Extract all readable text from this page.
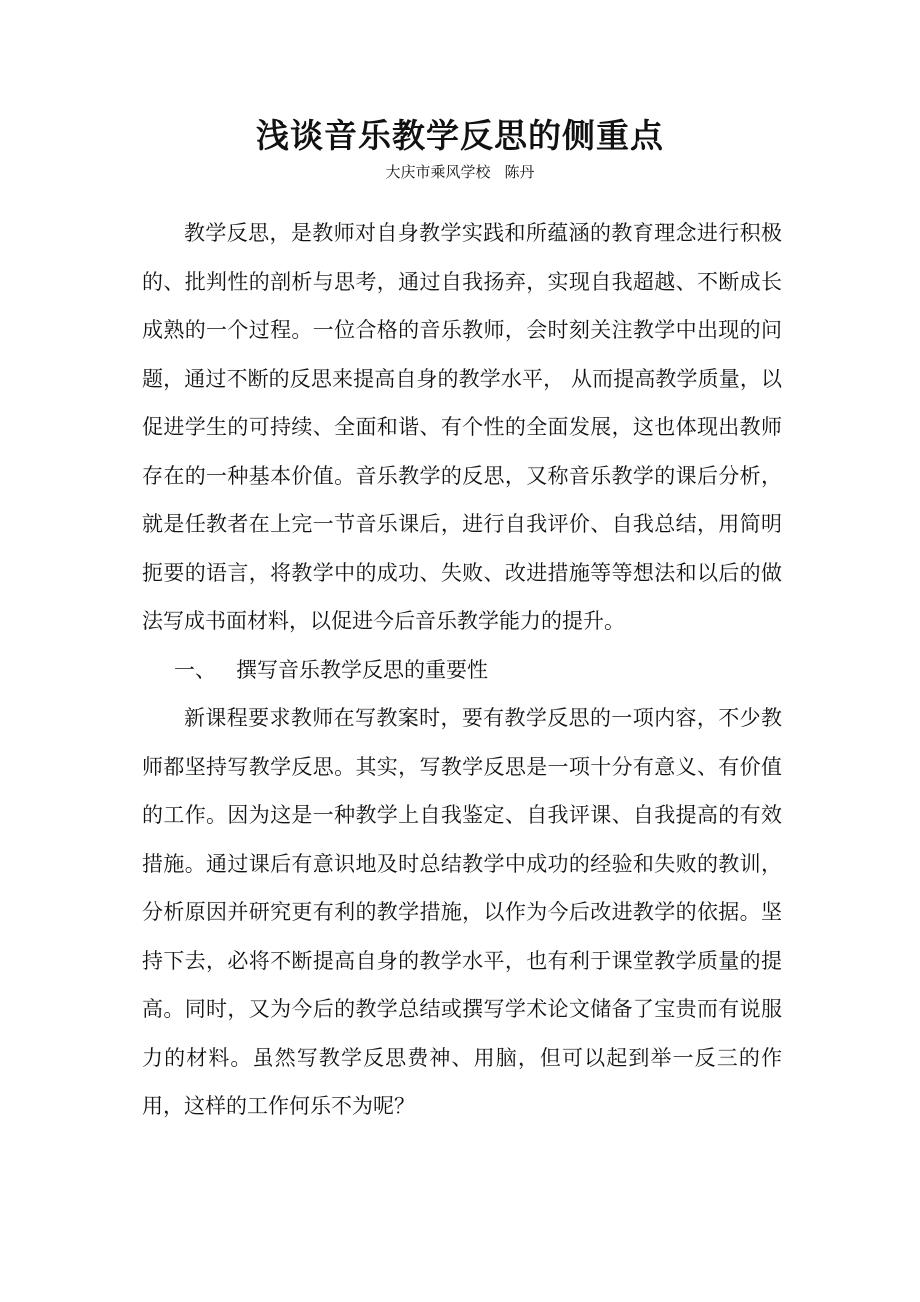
浅谈音乐教学反思的侧重点
大庆市乘风学校 陈丹

教学反思，是教师对自身教学实践和所蕴涵的教育理念进行积极的、批判性的剖析与思考，通过自我扬弃，实现自我超越、不断成长成熟的一个过程。一位合格的音乐教师，会时刻关注教学中出现的问题，通过不断的反思来提高自身的教学水平， 从而提高教学质量，以促进学生的可持续、全面和谐、有个性的全面发展，这也体现出教师存在的一种基本价值。音乐教学的反思，又称音乐教学的课后分析，就是任教者在上完一节音乐课后，进行自我评价、自我总结，用简明扼要的语言，将教学中的成功、失败、改进措施等等想法和以后的做法写成书面材料，以促进今后音乐教学能力的提升。

一、 撰写音乐教学反思的重要性

新课程要求教师在写教案时，要有教学反思的一项内容，不少教师都坚持写教学反思。其实，写教学反思是一项十分有意义、有价值的工作。因为这是一种教学上自我鉴定、自我评课、自我提高的有效措施。通过课后有意识地及时总结教学中成功的经验和失败的教训，分析原因并研究更有利的教学措施，以作为今后改进教学的依据。坚持下去，必将不断提高自身的教学水平，也有利于课堂教学质量的提高。同时，又为今后的教学总结或撰写学术论文储备了宝贵而有说服力的材料。虽然写教学反思费神、用脑，但可以起到举一反三的作用，这样的工作何乐不为呢？
